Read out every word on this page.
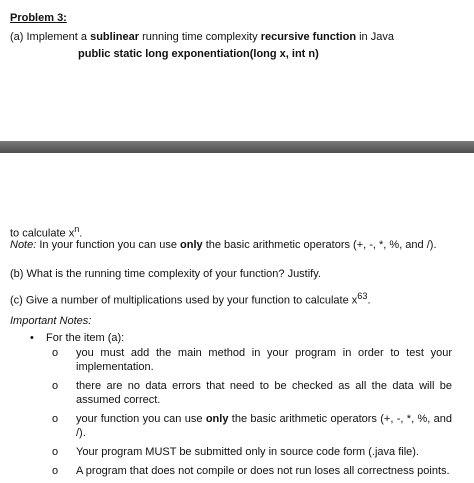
Problem 3:
(a) Implement a sublinear running time complexity recursive function in Java
public static long exponentiation(long x, int n)
to calculate $x^n$.
Note: In your function you can use only the basic arithmetic operators (+, -, *, %, and /).
(b) What is the running time complexity of your function? Justify.
(c) Give a number of multiplications used by your function to calculate $x^{63}$.
Important Notes:
• For the item (a):
o you must add the main method in your program in order to test your implementation.
o there are no data errors that need to be checked as all the data will be assumed correct.
o your function you can use only the basic arithmetic operators (+, -, *, %, and /).
o Your program MUST be submitted only in source code form (.java file).
o A program that does not compile or does not run loses all correctness points.
